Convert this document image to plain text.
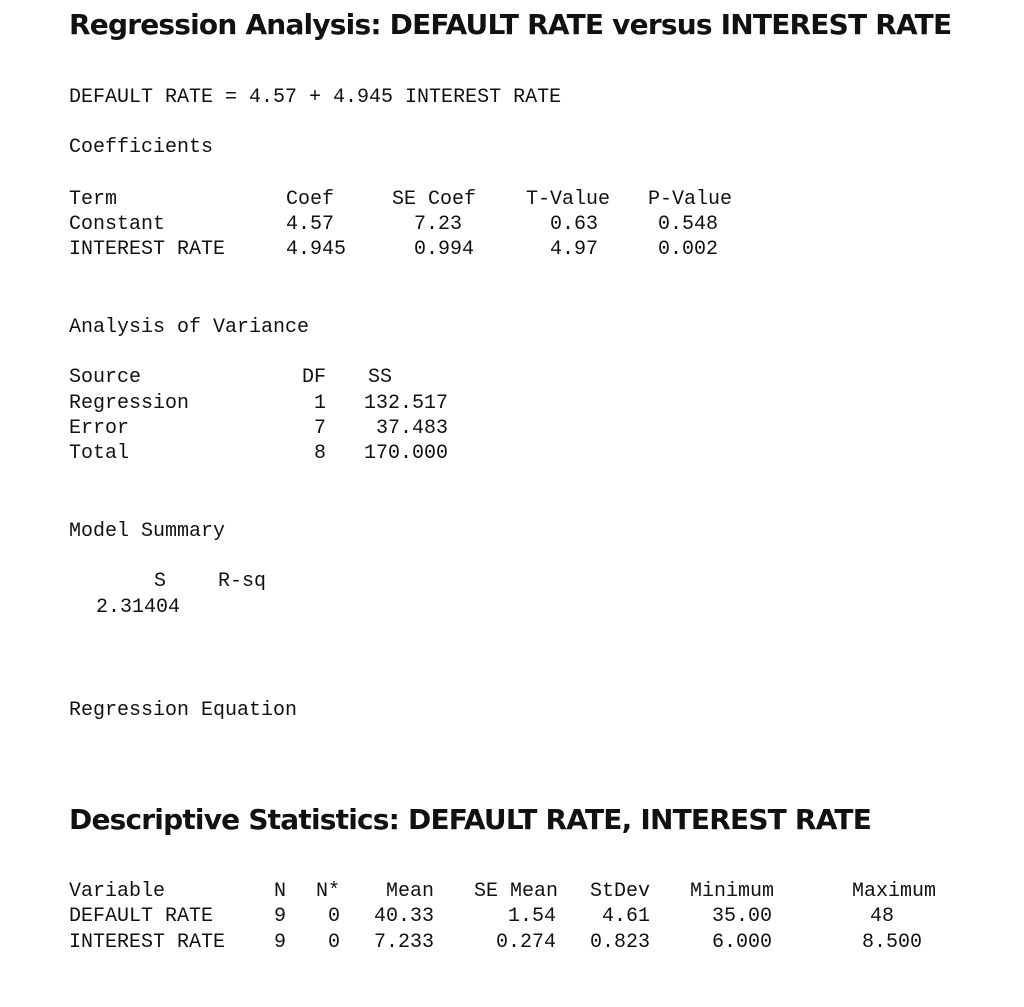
Regression Analysis: DEFAULT RATE versus INTEREST RATE
DEFAULT RATE = 4.57 + 4.945 INTEREST RATE
Coefficients
Term	Coef	SE Coef	T-Value	P-Value
Constant	4.57	7.23	0.63	0.548
INTEREST RATE	4.945	0.994	4.97	0.002
Analysis of Variance
Source	DF SS
Regression	1	132.517
Error	7	37.483
Total	8	170.000
Model Summary
S	R-sq
2.31404
Regression Equation
Descriptive Statistics: DEFAULT RATE, INTEREST RATE
Variable	N	N*	Mean	SE Mean	StDev	Minimum	Maximum
DEFAULT RATE	9	0	40.33	1.54	4.61	35.00	48
INTEREST RATE	9	0	7.233	0.274	0.823	6.000	8.500
